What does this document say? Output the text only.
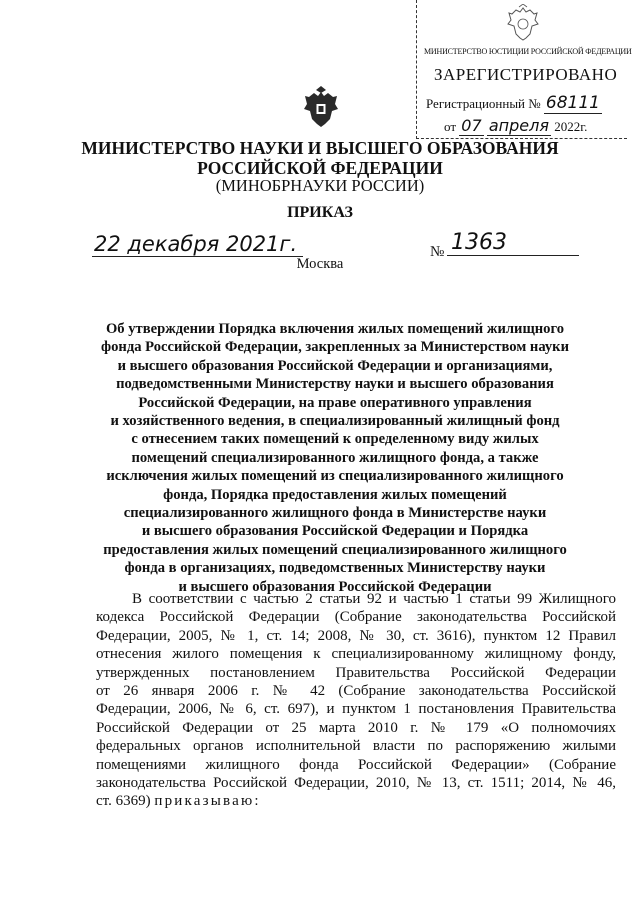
МИНИСТЕРСТВО ЮСТИЦИИ РОССИЙСКОЙ ФЕДЕРАЦИИ
ЗАРЕГИСТРИРОВАНО
Регистрационный № 68111
от 07 апреля 2022г.
МИНИСТЕРСТВО НАУКИ И ВЫСШЕГО ОБРАЗОВАНИЯ
РОССИЙСКОЙ ФЕДЕРАЦИИ
(МИНОБРНАУКИ РОССИИ)
ПРИКАЗ
22 декабря 2021г.	№ 1363
Москва
Об утверждении Порядка включения жилых помещений жилищного
фонда Российской Федерации, закрепленных за Министерством науки
и высшего образования Российской Федерации и организациями,
подведомственными Министерству науки и высшего образования
Российской Федерации, на праве оперативного управления
и хозяйственного ведения, в специализированный жилищный фонд
с отнесением таких помещений к определенному виду жилых
помещений специализированного жилищного фонда, а также
исключения жилых помещений из специализированного жилищного
фонда, Порядка предоставления жилых помещений
специализированного жилищного фонда в Министерстве науки
и высшего образования Российской Федерации и Порядка
предоставления жилых помещений специализированного жилищного
фонда в организациях, подведомственных Министерству науки
и высшего образования Российской Федерации
В соответствии с частью 2 статьи 92 и частью 1 статьи 99 Жилищного
кодекса Российской Федерации (Собрание законодательства Российской
Федерации, 2005, № 1, ст. 14; 2008, № 30, ст. 3616), пунктом 12 Правил
отнесения жилого помещения к специализированному жилищному фонду,
утвержденных постановлением Правительства Российской Федерации
от 26 января 2006 г. № 42 (Собрание законодательства Российской
Федерации, 2006, № 6, ст. 697), и пунктом 1 постановления Правительства
Российской Федерации от 25 марта 2010 г. № 179 «О полномочиях
федеральных органов исполнительной власти по распоряжению жилыми
помещениями жилищного фонда Российской Федерации» (Собрание
законодательства Российской Федерации, 2010, № 13, ст. 1511; 2014, № 46,
ст. 6369) приказываю:
